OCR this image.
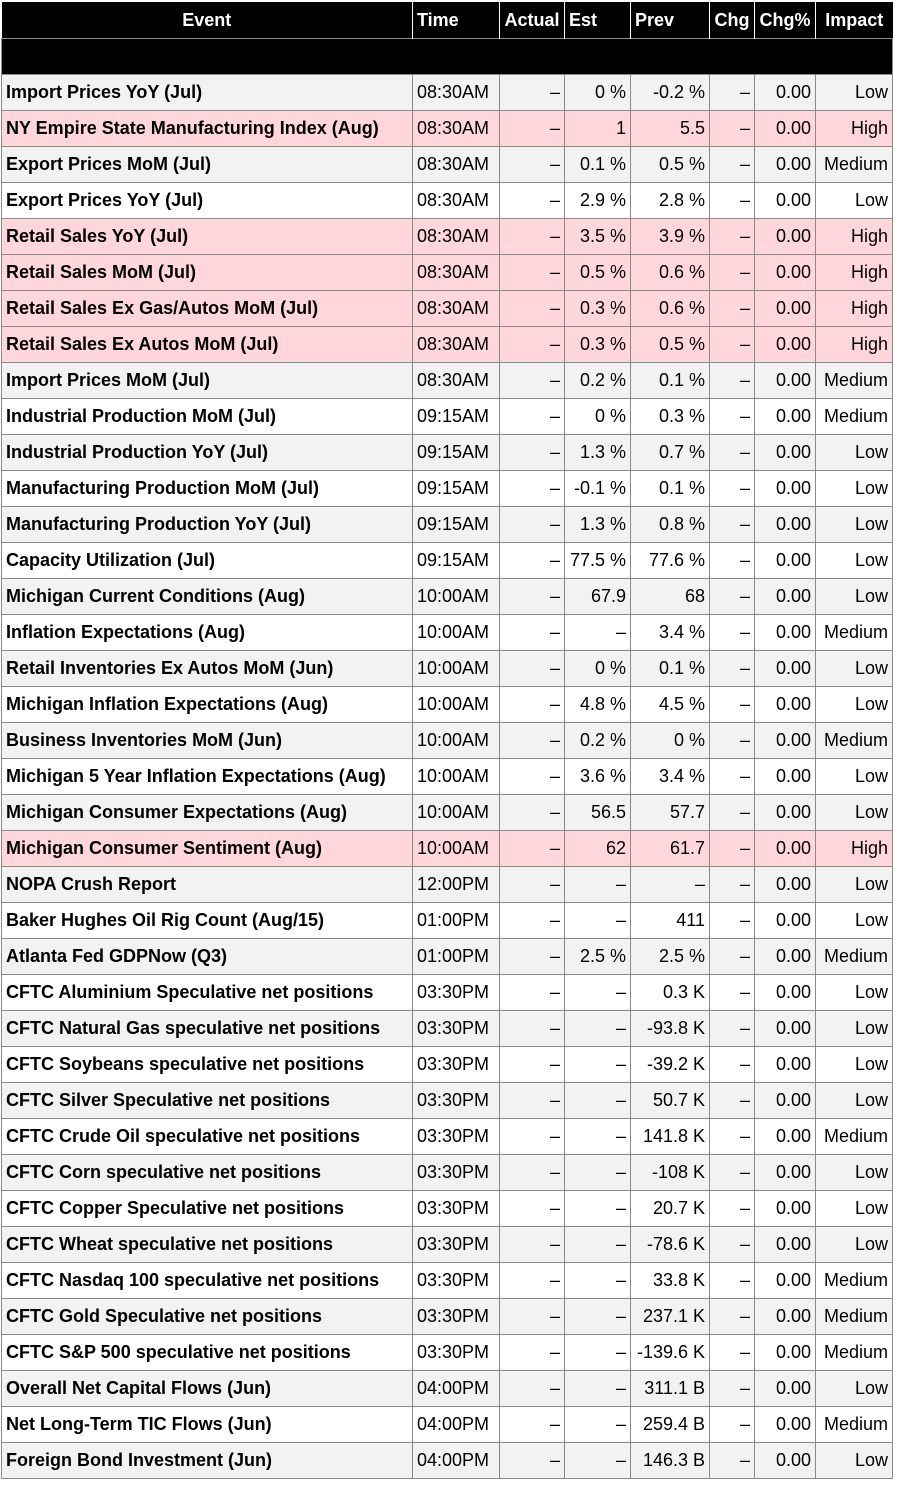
Event	Time	Actual	Est	Prev	Chg	Chg%	Impact
Friday, August 15, 2025							
Import Prices YoY (Jul)	08:30AM	–	0 %	-0.2 %	–	0.00	Low
NY Empire State Manufacturing Index (Aug)	08:30AM	–	1	5.5	–	0.00	High
Export Prices MoM (Jul)	08:30AM	–	0.1 %	0.5 %	–	0.00	Medium
Export Prices YoY (Jul)	08:30AM	–	2.9 %	2.8 %	–	0.00	Low
Retail Sales YoY (Jul)	08:30AM	–	3.5 %	3.9 %	–	0.00	High
Retail Sales MoM (Jul)	08:30AM	–	0.5 %	0.6 %	–	0.00	High
Retail Sales Ex Gas/Autos MoM (Jul)	08:30AM	–	0.3 %	0.6 %	–	0.00	High
Retail Sales Ex Autos MoM (Jul)	08:30AM	–	0.3 %	0.5 %	–	0.00	High
Import Prices MoM (Jul)	08:30AM	–	0.2 %	0.1 %	–	0.00	Medium
Industrial Production MoM (Jul)	09:15AM	–	0 %	0.3 %	–	0.00	Medium
Industrial Production YoY (Jul)	09:15AM	–	1.3 %	0.7 %	–	0.00	Low
Manufacturing Production MoM (Jul)	09:15AM	–	-0.1 %	0.1 %	–	0.00	Low
Manufacturing Production YoY (Jul)	09:15AM	–	1.3 %	0.8 %	–	0.00	Low
Capacity Utilization (Jul)	09:15AM	–	77.5 %	77.6 %	–	0.00	Low
Michigan Current Conditions (Aug)	10:00AM	–	67.9	68	–	0.00	Low
Inflation Expectations (Aug)	10:00AM	–	–	3.4 %	–	0.00	Medium
Retail Inventories Ex Autos MoM (Jun)	10:00AM	–	0 %	0.1 %	–	0.00	Low
Michigan Inflation Expectations (Aug)	10:00AM	–	4.8 %	4.5 %	–	0.00	Low
Business Inventories MoM (Jun)	10:00AM	–	0.2 %	0 %	–	0.00	Medium
Michigan 5 Year Inflation Expectations (Aug)	10:00AM	–	3.6 %	3.4 %	–	0.00	Low
Michigan Consumer Expectations (Aug)	10:00AM	–	56.5	57.7	–	0.00	Low
Michigan Consumer Sentiment (Aug)	10:00AM	–	62	61.7	–	0.00	High
NOPA Crush Report	12:00PM	–	–	–	–	0.00	Low
Baker Hughes Oil Rig Count (Aug/15)	01:00PM	–	–	411	–	0.00	Low
Atlanta Fed GDPNow (Q3)	01:00PM	–	2.5 %	2.5 %	–	0.00	Medium
CFTC Aluminium Speculative net positions	03:30PM	–	–	0.3 K	–	0.00	Low
CFTC Natural Gas speculative net positions	03:30PM	–	–	-93.8 K	–	0.00	Low
CFTC Soybeans speculative net positions	03:30PM	–	–	-39.2 K	–	0.00	Low
CFTC Silver Speculative net positions	03:30PM	–	–	50.7 K	–	0.00	Low
CFTC Crude Oil speculative net positions	03:30PM	–	–	141.8 K	–	0.00	Medium
CFTC Corn speculative net positions	03:30PM	–	–	-108 K	–	0.00	Low
CFTC Copper Speculative net positions	03:30PM	–	–	20.7 K	–	0.00	Low
CFTC Wheat speculative net positions	03:30PM	–	–	-78.6 K	–	0.00	Low
CFTC Nasdaq 100 speculative net positions	03:30PM	–	–	33.8 K	–	0.00	Medium
CFTC Gold Speculative net positions	03:30PM	–	–	237.1 K	–	0.00	Medium
CFTC S&P 500 speculative net positions	03:30PM	–	–	-139.6 K	–	0.00	Medium
Overall Net Capital Flows (Jun)	04:00PM	–	–	311.1 B	–	0.00	Low
Net Long-Term TIC Flows (Jun)	04:00PM	–	–	259.4 B	–	0.00	Medium
Foreign Bond Investment (Jun)	04:00PM	–	–	146.3 B	–	0.00	Low
